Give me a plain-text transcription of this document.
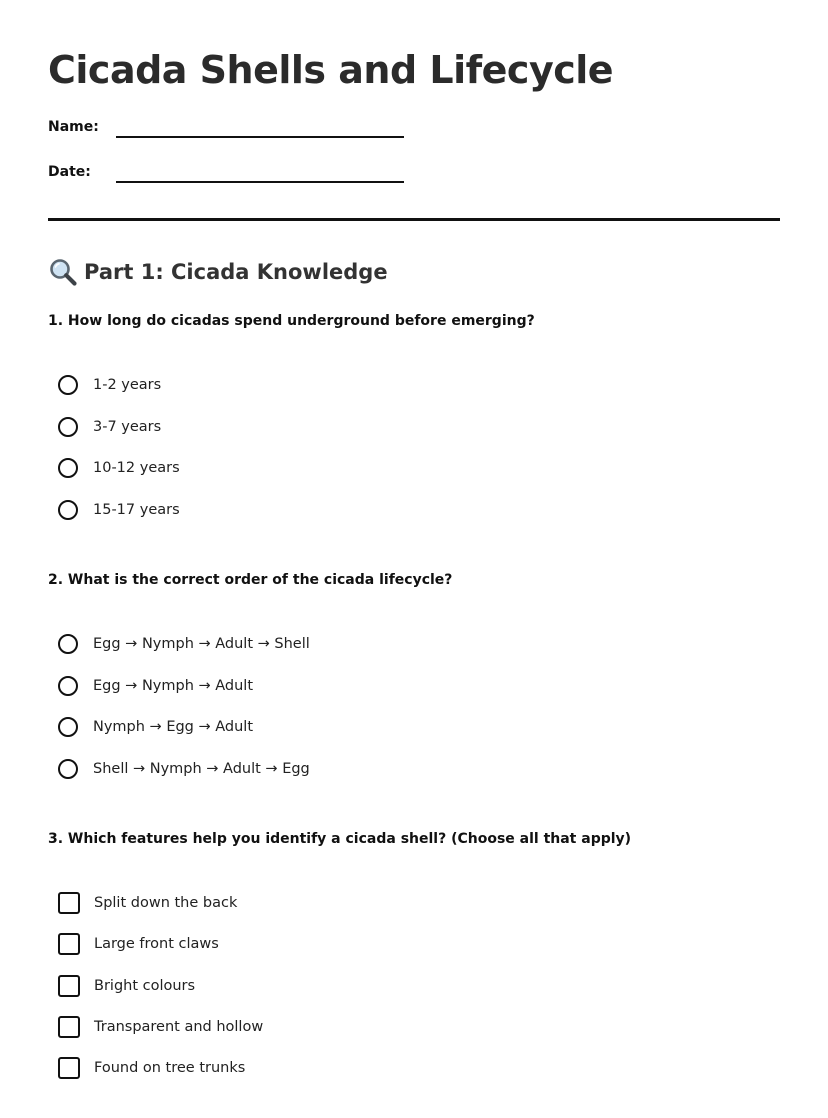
Cicada Shells and Lifecycle
Name:
Date:
Part 1: Cicada Knowledge
1. How long do cicadas spend underground before emerging?
1-2 years
3-7 years
10-12 years
15-17 years
2. What is the correct order of the cicada lifecycle?
Egg → Nymph → Adult → Shell
Egg → Nymph → Adult
Nymph → Egg → Adult
Shell → Nymph → Adult → Egg
3. Which features help you identify a cicada shell? (Choose all that apply)
Split down the back
Large front claws
Bright colours
Transparent and hollow
Found on tree trunks
